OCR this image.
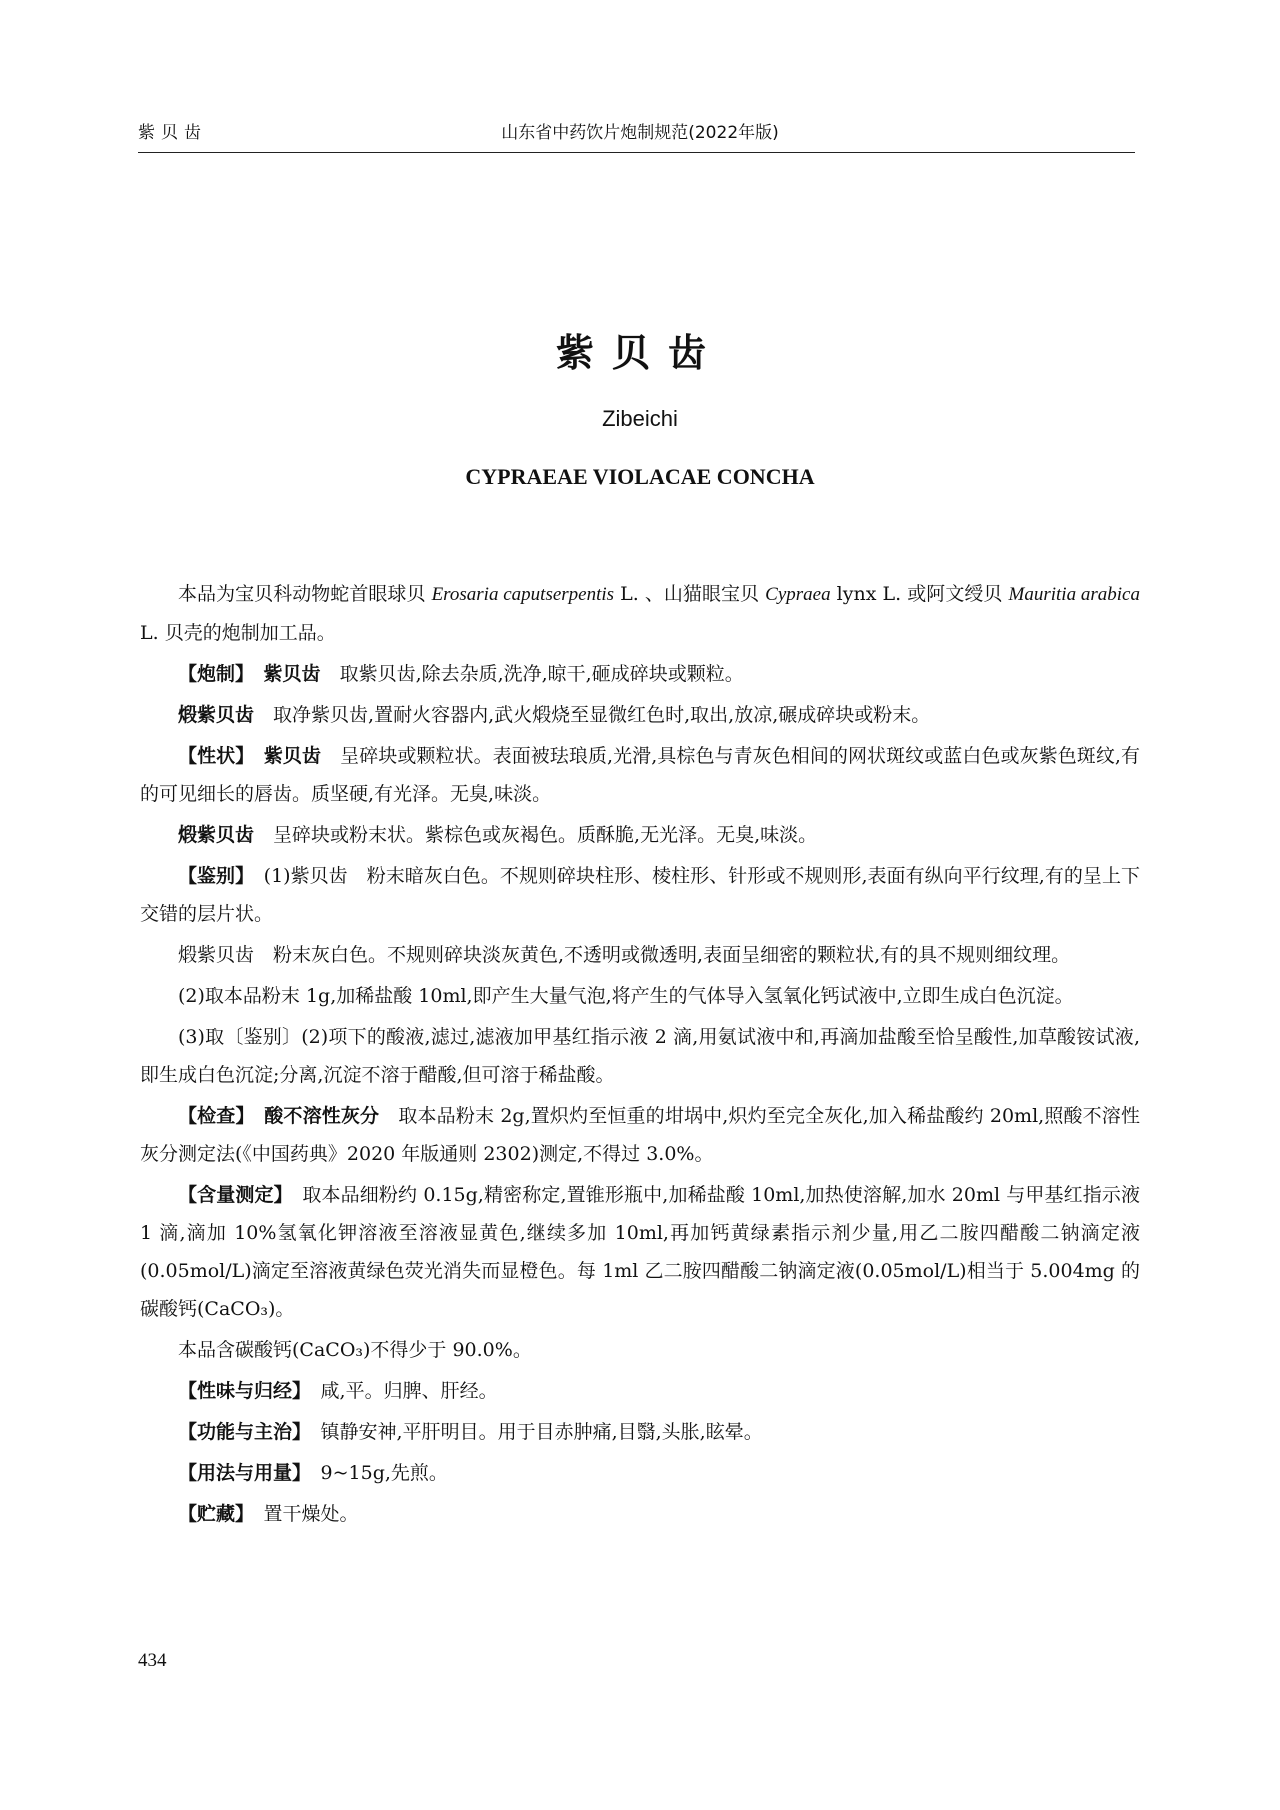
紫贝齿	山东省中药饮片炮制规范(2022年版)
紫贝齿
Zibeichi
CYPRAEAE VIOLACAE CONCHA

本品为宝贝科动物蛇首眼球贝 Erosaria caputserpentis L. 、山猫眼宝贝 Cypraea lynx L. 或阿文绶贝 Mauritia arabica L. 贝壳的炮制加工品。

【炮制】　 紫贝齿　 取紫贝齿,除去杂质,洗净,晾干,砸成碎块或颗粒。

煅紫贝齿　 取净紫贝齿,置耐火容器内,武火煅烧至显微红色时,取出,放凉,碾成碎块或粉末。

【性状】　 紫贝齿　 呈碎块或颗粒状。表面被珐琅质,光滑,具棕色与青灰色相间的网状斑纹或蓝白色或灰紫色斑纹,有的可见细长的唇齿。质坚硬,有光泽。无臭,味淡。

煅紫贝齿　 呈碎块或粉末状。紫棕色或灰褐色。质酥脆,无光泽。无臭,味淡。

【鉴别】　 (1)紫贝齿　粉末暗灰白色。不规则碎块柱形、棱柱形、针形或不规则形,表面有纵向平行纹理,有的呈上下交错的层片状。

煅紫贝齿　粉末灰白色。不规则碎块淡灰黄色,不透明或微透明,表面呈细密的颗粒状,有的具不规则细纹理。

(2)取本品粉末 1g,加稀盐酸 10ml,即产生大量气泡,将产生的气体导入氢氧化钙试液中,立即生成白色沉淀。

(3)取〔鉴别〕(2)项下的酸液,滤过,滤液加甲基红指示液 2 滴,用氨试液中和,再滴加盐酸至恰呈酸性,加草酸铵试液,即生成白色沉淀;分离,沉淀不溶于醋酸,但可溶于稀盐酸。

【检查】　 酸不溶性灰分　 取本品粉末 2g,置炽灼至恒重的坩埚中,炽灼至完全灰化,加入稀盐酸约 20ml,照酸不溶性灰分测定法(《中国药典》2020 年版通则 2302)测定,不得过 3.0%。

【含量测定】　 取本品细粉约 0.15g,精密称定,置锥形瓶中,加稀盐酸 10ml,加热使溶解,加水 20ml 与甲基红指示液 1 滴,滴加 10%氢氧化钾溶液至溶液显黄色,继续多加 10ml,再加钙黄绿素指示剂少量,用乙二胺四醋酸二钠滴定液(0.05mol/L)滴定至溶液黄绿色荧光消失而显橙色。每 1ml 乙二胺四醋酸二钠滴定液(0.05mol/L)相当于 5.004mg 的碳酸钙(CaCO₃)。

本品含碳酸钙(CaCO₃)不得少于 90.0%。

【性味与归经】　 咸,平。归脾、肝经。

【功能与主治】　 镇静安神,平肝明目。用于目赤肿痛,目翳,头胀,眩晕。

【用法与用量】　 9~15g,先煎。

【贮藏】　 置干燥处。

434
